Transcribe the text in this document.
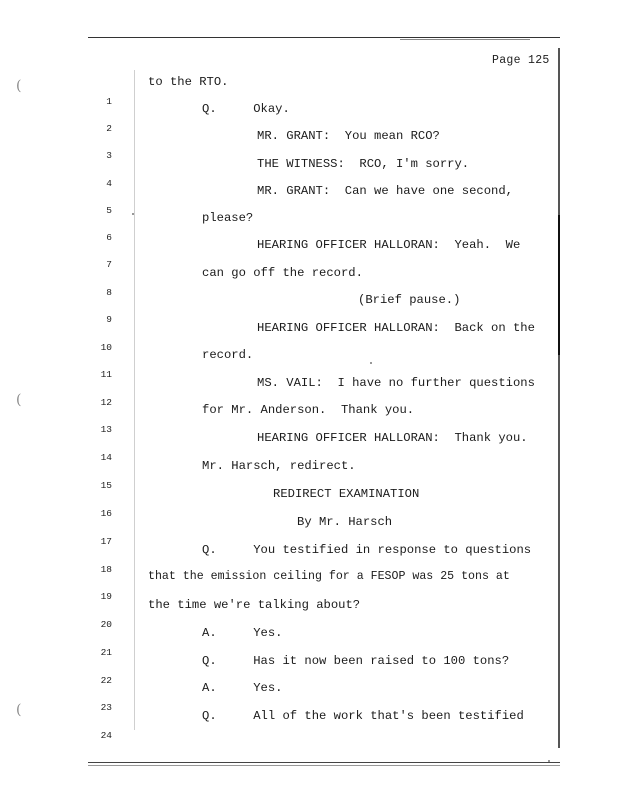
Page 125

1

to the RTO.

2

Q.     Okay.

3

MR. GRANT:  You mean RCO?

4

THE WITNESS:  RCO, I'm sorry.

5

MR. GRANT:  Can we have one second,

6

please?

7

HEARING OFFICER HALLORAN:  Yeah.  We

8

can go off the record.

9

(Brief pause.)

10

HEARING OFFICER HALLORAN:  Back on the

11

record.

12

MS. VAIL:  I have no further questions

13

for Mr. Anderson.  Thank you.

14

HEARING OFFICER HALLORAN:  Thank you.

15

Mr. Harsch, redirect.

16

REDIRECT EXAMINATION

17

By Mr. Harsch

18

Q.     You testified in response to questions

19

that the emission ceiling for a FESOP was 25 tons at

20

the time we're talking about?

21

A.     Yes.

22

Q.     Has it now been raised to 100 tons?

23

A.     Yes.

24

Q.     All of the work that's been testified

(
(
(
